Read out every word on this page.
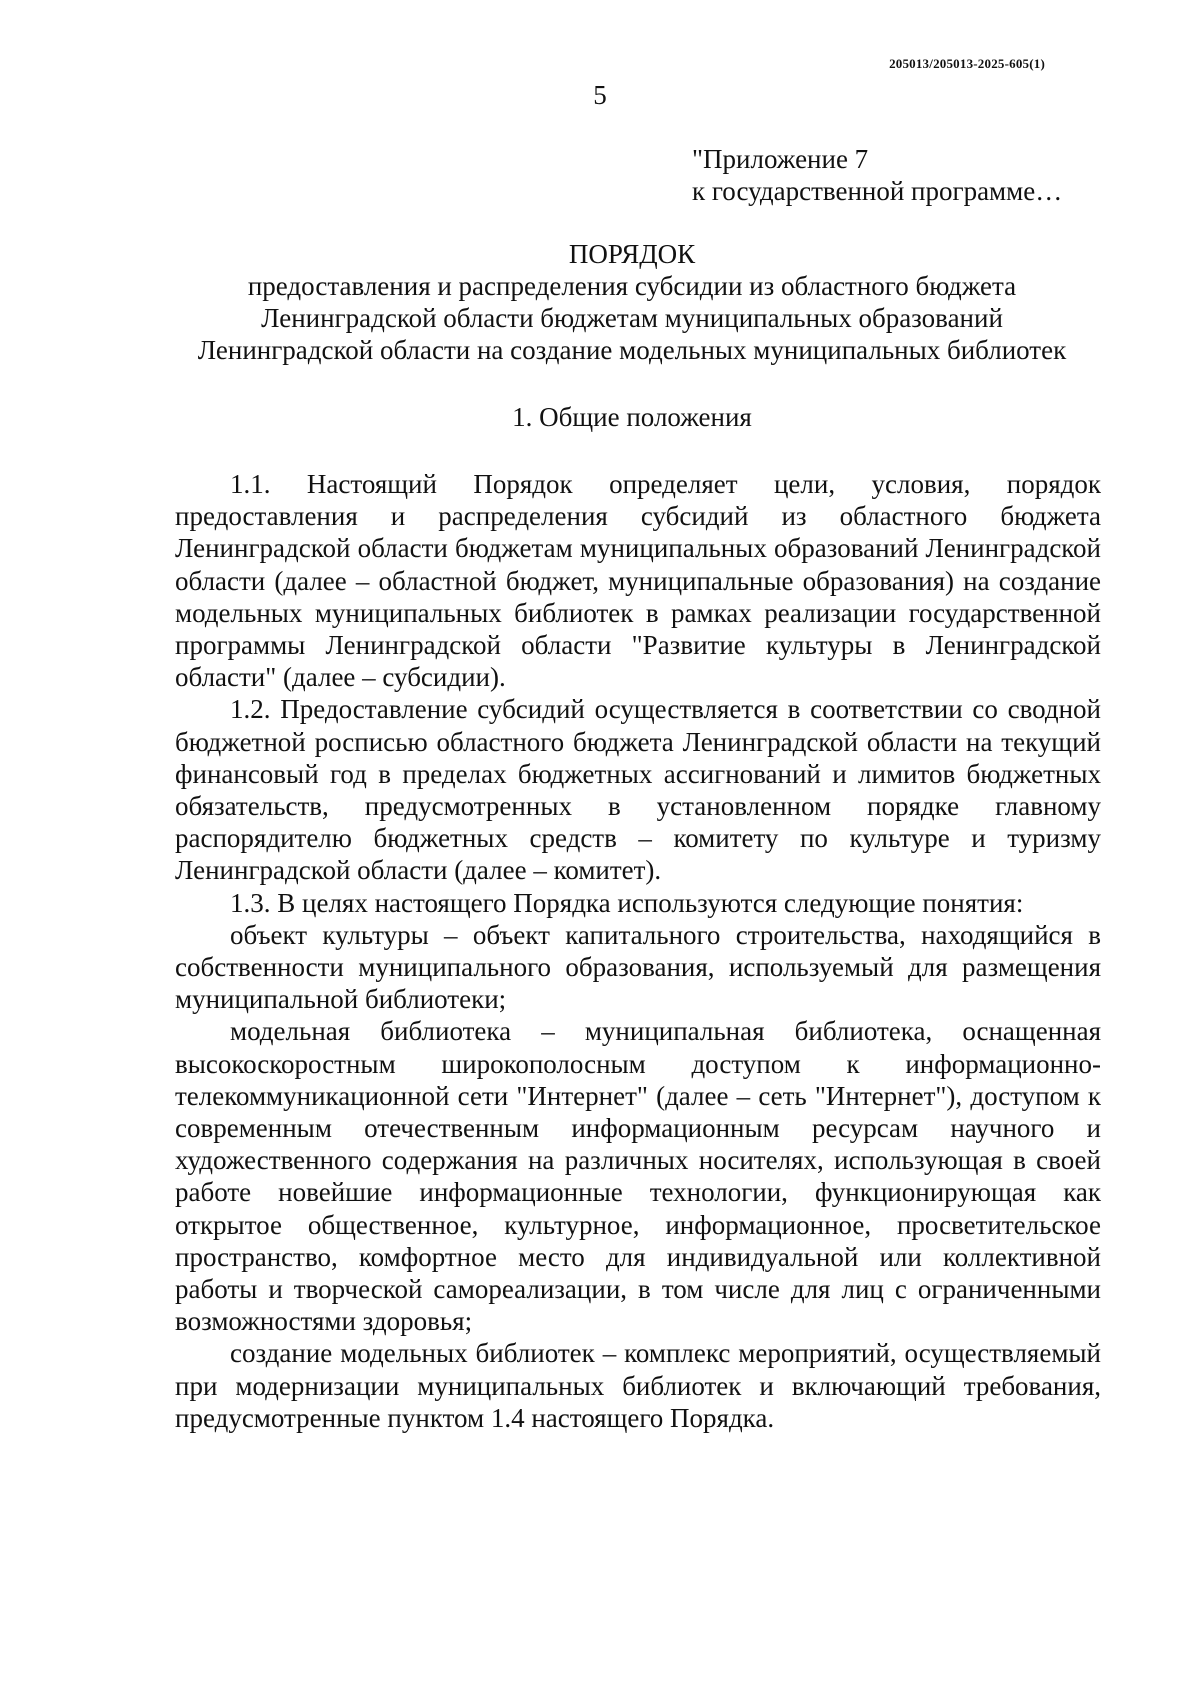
205013/205013-2025-605(1)
5
"Приложение 7
к государственной программе…
ПОРЯДОК
предоставления и распределения субсидии из областного бюджета
Ленинградской области бюджетам муниципальных образований
Ленинградской области на создание модельных муниципальных библиотек
1. Общие положения

1.1. Настоящий Порядок определяет цели, условия, порядок предоставления и распределения субсидий из областного бюджета Ленинградской области бюджетам муниципальных образований Ленинградской области (далее – областной бюджет, муниципальные образования) на создание модельных муниципальных библиотек в рамках реализации государственной программы Ленинградской области "Развитие культуры в Ленинградской области" (далее – субсидии).

1.2. Предоставление субсидий осуществляется в соответствии со сводной бюджетной росписью областного бюджета Ленинградской области на текущий финансовый год в пределах бюджетных ассигнований и лимитов бюджетных обязательств, предусмотренных в установленном порядке главному распорядителю бюджетных средств – комитету по культуре и туризму Ленинградской области (далее – комитет).

1.3. В целях настоящего Порядка используются следующие понятия:

объект культуры – объект капитального строительства, находящийся в собственности муниципального образования, используемый для размещения муниципальной библиотеки;

модельная библиотека – муниципальная библиотека, оснащенная высокоскоростным широкополосным доступом к информационно-телекоммуникационной сети "Интернет" (далее – сеть "Интернет"), доступом к современным отечественным информационным ресурсам научного и художественного содержания на различных носителях, использующая в своей работе новейшие информационные технологии, функционирующая как открытое общественное, культурное, информационное, просветительское пространство, комфортное место для индивидуальной или коллективной работы и творческой самореализации, в том числе для лиц с ограниченными возможностями здоровья;

создание модельных библиотек – комплекс мероприятий, осуществляемый при модернизации муниципальных библиотек и включающий требования, предусмотренные пунктом 1.4 настоящего Порядка.
